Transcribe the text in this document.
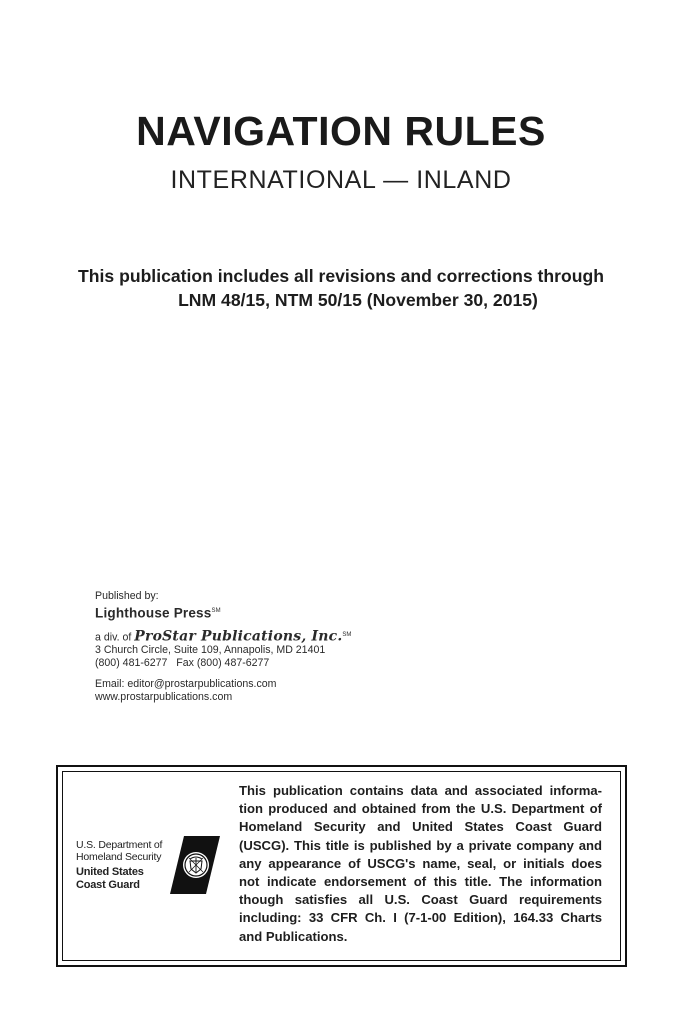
NAVIGATION RULES
INTERNATIONAL — INLAND
This publication includes all revisions and corrections through
LNM 48/15, NTM 50/15 (November 30, 2015)
Published by:
Lighthouse Press℠
a div. of ProStar Publications, Inc.℠
3 Church Circle, Suite 109, Annapolis, MD 21401
(800) 481-6277   Fax (800) 487-6277
Email: editor@prostarpublications.com
www.prostarpublications.com
U.S. Department of
Homeland Security
United States
Coast Guard
This publication contains data and associated informa-
tion produced and obtained from the U.S. Department of
Homeland Security and United States Coast Guard
(USCG). This title is published by a private company and
any appearance of USCG's name, seal, or initials does
not indicate endorsement of this title. The information
though satisfies all U.S. Coast Guard requirements
including: 33 CFR Ch. I (7-1-00 Edition), 164.33 Charts
and Publications.
